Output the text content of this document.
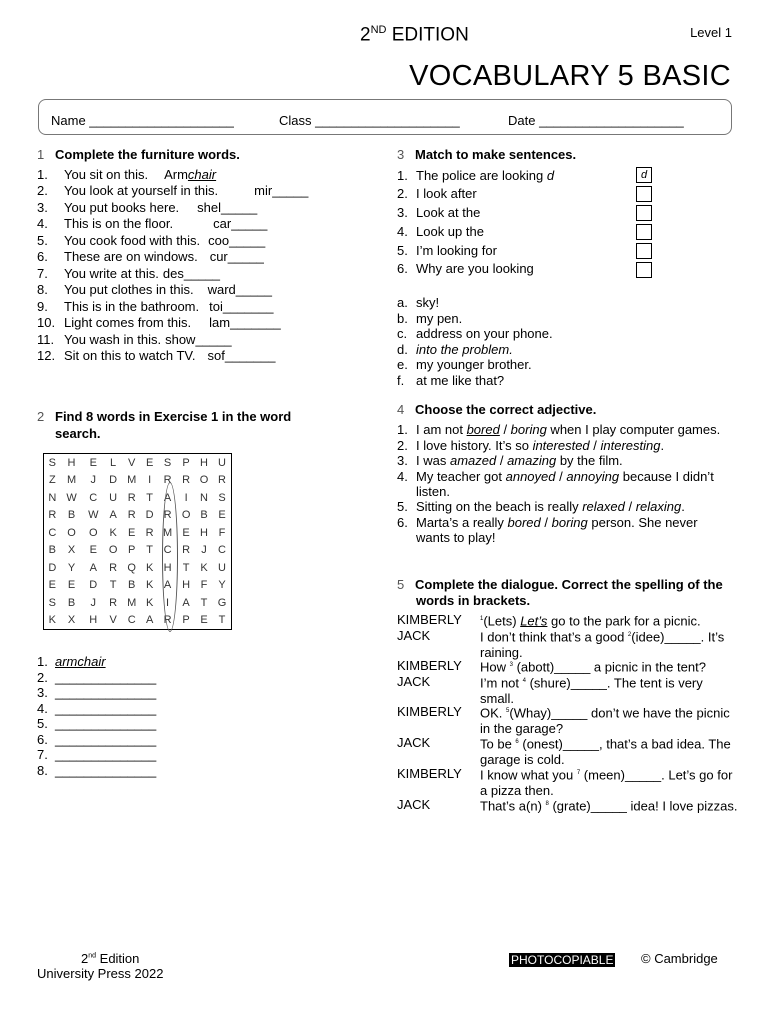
2ND EDITION	Level 1
VOCABULARY 5 BASIC
Name ____________________	Class ____________________	Date ____________________
1 Complete the furniture words.
1. You sit on this. Armchair
2. You look at yourself in this.	mir_____
3. You put books here. shel_____
4. This is on the floor.	car_____
5. You cook food with this. coo_____
6. These are on windows. cur_____
7. You write at this. des_____
8. You put clothes in this. ward_____
9. This is in the bathroom. toi_______
10. Light comes from this. lam_______
11. You wash in this. show_____
12. Sit on this to watch TV. sof_______
2 Find 8 words in Exercise 1 in the word search.
S	H	E	L	V	E	S	P	H	U
Z	M	J	D	M	I	R	R	O	R
N	W	C	U	R	T	A	I	N	S
R	B	W	A	R	D	R	O	B	E
C	O	O	K	E	R	M	E	H	F
B	X	E	O	P	T	C	R	J	C
D	Y	A	R	Q	K	H	T	K	U
E	E	D	T	B	K	A	H	F	Y
S	B	J	R	M	K	I	A	T	G
K	X	H	V	C	A	R	P	E	T
1. armchair
2. ______________
3. ______________
4. ______________
5. ______________
6. ______________
7. ______________
8. ______________
3 Match to make sentences.
1. The police are looking d
2. I look after
3. Look at the
4. Look up the
5. I’m looking for
6. Why are you looking
d
a. sky!
b. my pen.
c. address on your phone.
d. into the problem.
e. my younger brother.
f. at me like that?
4 Choose the correct adjective.
1. I am not bored / boring when I play computer games.
2. I love history. It’s so interested / interesting.
3. I was amazed / amazing by the film.
4. My teacher got annoyed / annoying because I didn’t listen.
5. Sitting on the beach is really relaxed / relaxing.
6. Marta’s a really bored / boring person. She never wants to play!
5 Complete the dialogue. Correct the spelling of the words in brackets.
KIMBERLY	$^1$(Lets) Let’s go to the park for a picnic.
JACK	I don’t think that’s a good $^2$(idee)_____. It’s raining.
KIMBERLY	How $^3$ (abott)_____ a picnic in the tent?
JACK	I’m not $^4$ (shure)_____. The tent is very small.
KIMBERLY	OK. $^5$(Whay)_____ don’t we have the picnic in the garage?
JACK	To be $^6$ (onest)_____, that’s a bad idea. The garage is cold.
KIMBERLY	I know what you $^7$ (meen)_____. Let’s go for a pizza then.
JACK	That’s a(n) $^8$ (grate)_____ idea! I love pizzas.
2nd Edition
University Press 2022
PHOTOCOPIABLE © Cambridge
